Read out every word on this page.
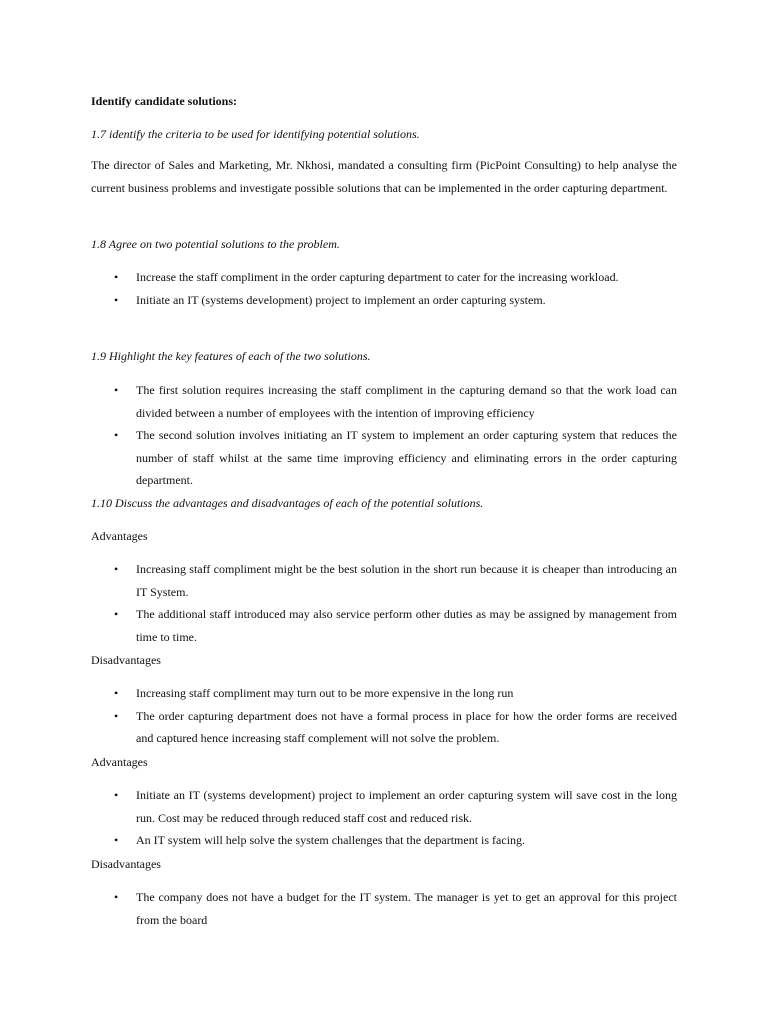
Identify candidate solutions:

1.7 identify the criteria to be used for identifying potential solutions.

The director of Sales and Marketing, Mr. Nkhosi, mandated a consulting firm (PicPoint Consulting) to help analyse the current business problems and investigate possible solutions that can be implemented in the order capturing department.

1.8 Agree on two potential solutions to the problem.

• Increase the staff compliment in the order capturing department to cater for the increasing workload.
• Initiate an IT (systems development) project to implement an order capturing system.

1.9 Highlight the key features of each of the two solutions.

• The first solution requires increasing the staff compliment in the capturing demand so that the work load can divided between a number of employees with the intention of improving efficiency
• The second solution involves initiating an IT system to implement an order capturing system that reduces the number of staff whilst at the same time improving efficiency and eliminating errors in the order capturing department.

1.10 Discuss the advantages and disadvantages of each of the potential solutions.

Advantages

• Increasing staff compliment might be the best solution in the short run because it is cheaper than introducing an IT System.
• The additional staff introduced may also service perform other duties as may be assigned by management from time to time.

Disadvantages

• Increasing staff compliment may turn out to be more expensive in the long run
• The order capturing department does not have a formal process in place for how the order forms are received and captured hence increasing staff complement will not solve the problem.

Advantages

• Initiate an IT (systems development) project to implement an order capturing system will save cost in the long run. Cost may be reduced through reduced staff cost and reduced risk.
• An IT system will help solve the system challenges that the department is facing.

Disadvantages

• The company does not have a budget for the IT system. The manager is yet to get an approval for this project from the board
